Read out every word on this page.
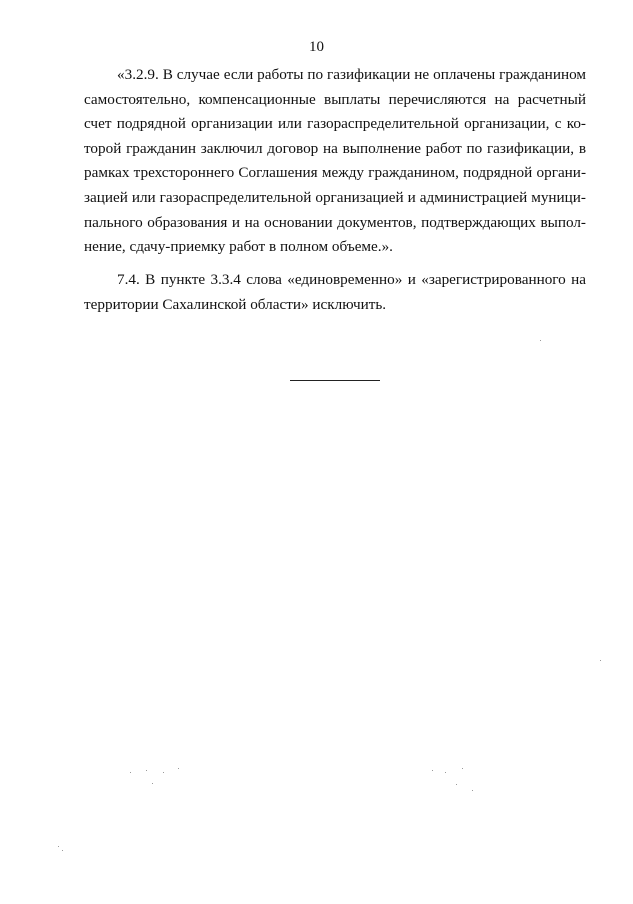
10
«3.2.9. В случае если работы по газификации не оплачены гражданином
самостоятельно, компенсационные выплаты перечисляются на расчетный
счет подрядной организации или газораспределительной организации, с ко-
торой гражданин заключил договор на выполнение работ по газификации, в
рамках трехстороннего Соглашения между гражданином, подрядной органи-
зацией или газораспределительной организацией и администрацией муници-
пального образования и на основании документов, подтверждающих выпол-
нение, сдачу-приемку работ в полном объеме.».
7.4. В пункте 3.3.4 слова «единовременно» и «зарегистрированного на
территории Сахалинской области» исключить.
